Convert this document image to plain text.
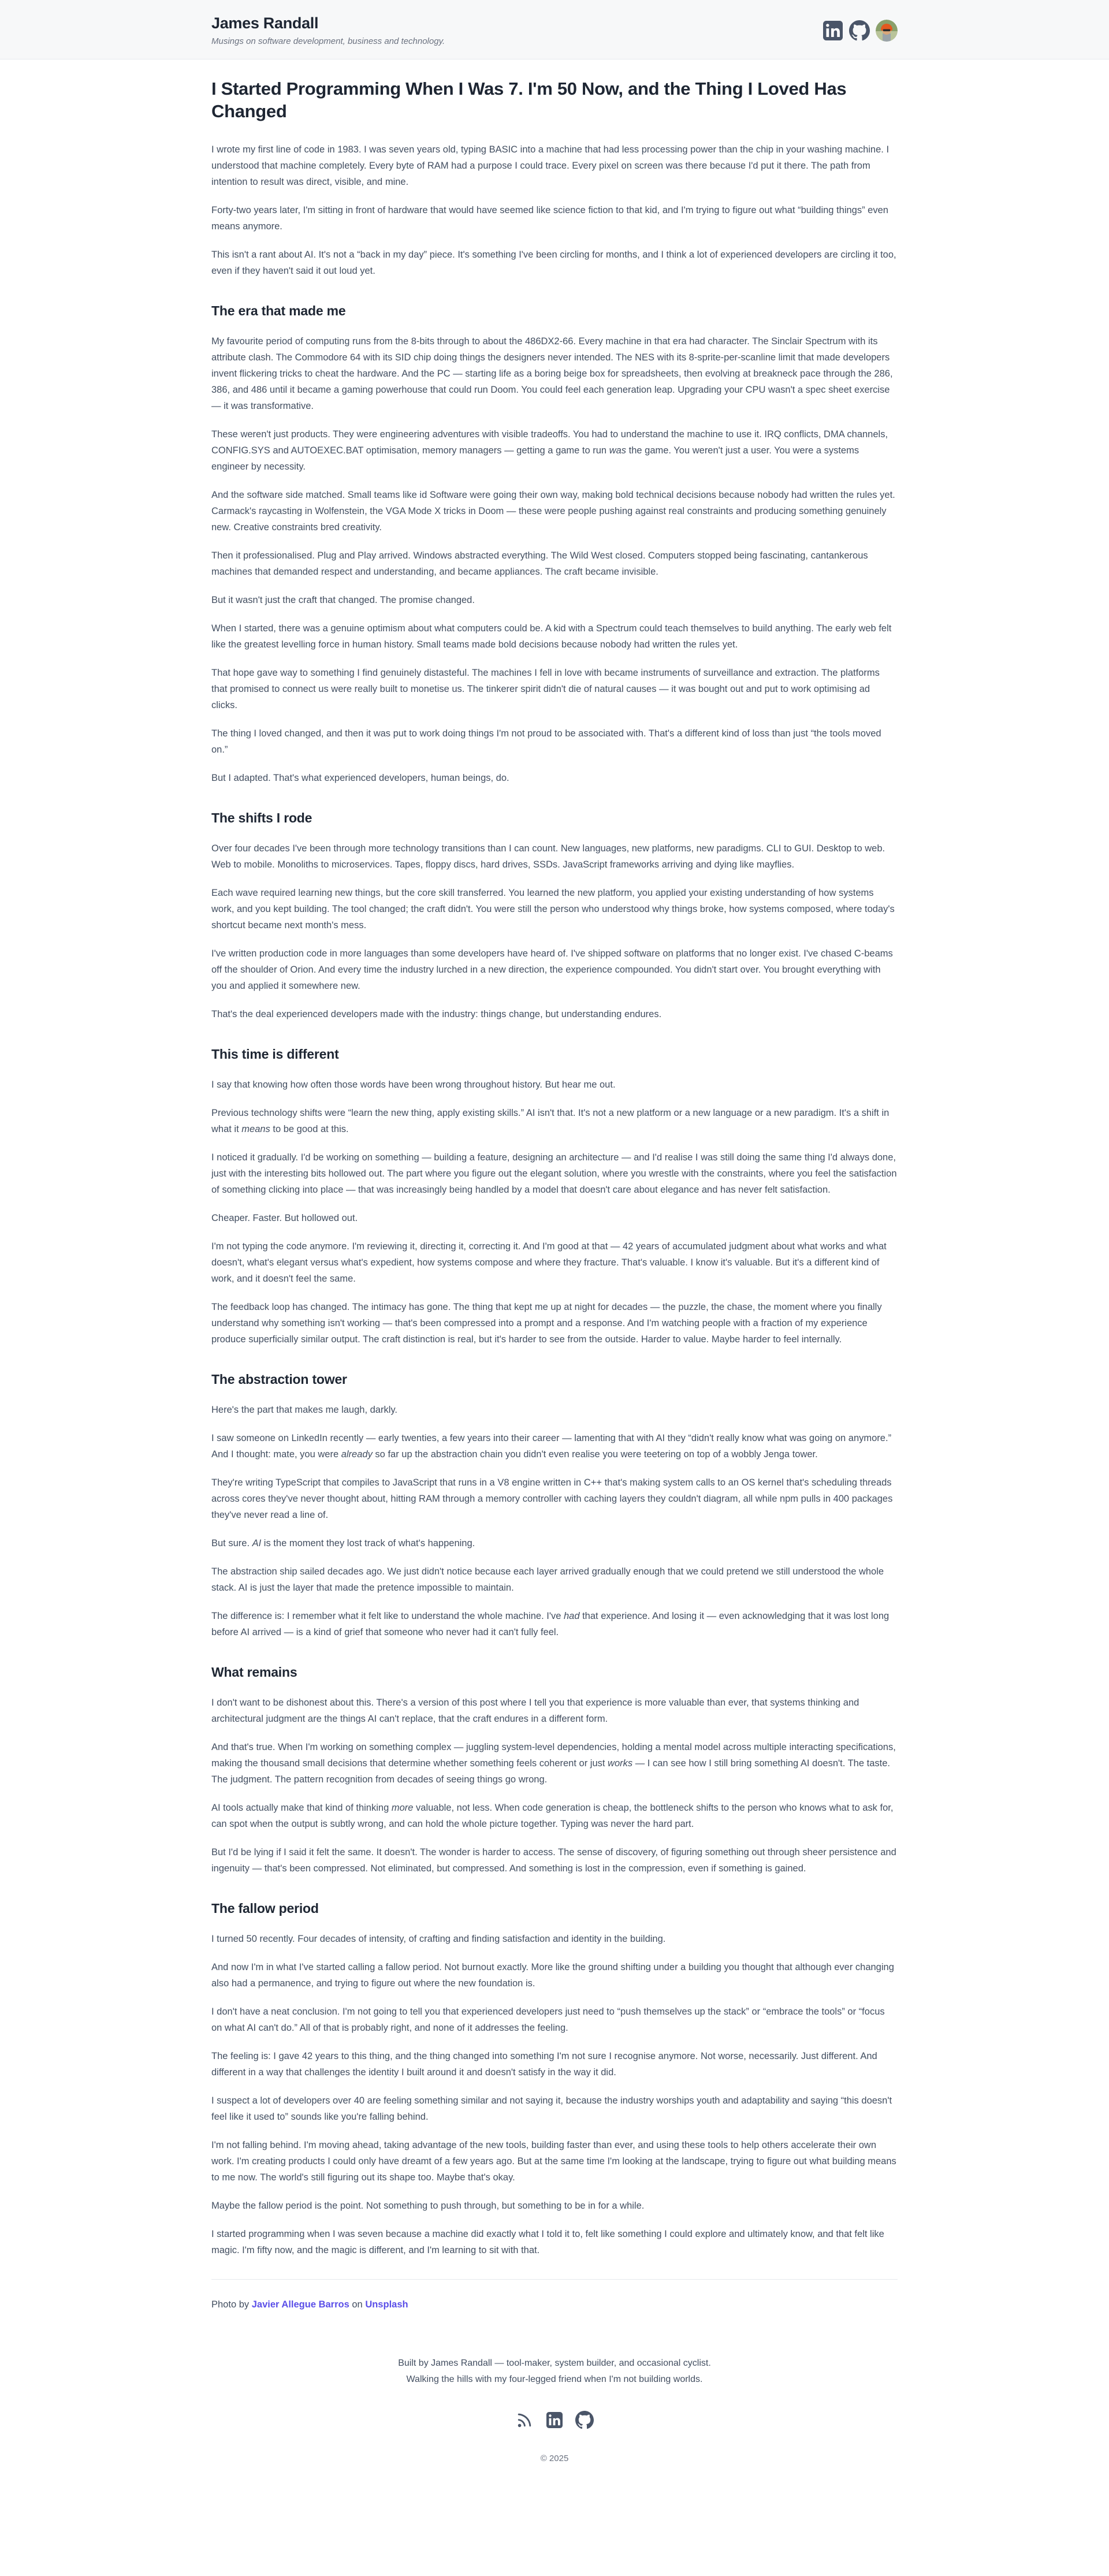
James Randall

Musings on software development, business and technology.

I Started Programming When I Was 7. I'm 50 Now, and the Thing I Loved Has Changed

I wrote my first line of code in 1983. I was seven years old, typing BASIC into a machine that had less processing power than the chip in your washing machine. I understood that machine completely. Every byte of RAM had a purpose I could trace. Every pixel on screen was there because I'd put it there. The path from intention to result was direct, visible, and mine.

Forty-two years later, I'm sitting in front of hardware that would have seemed like science fiction to that kid, and I'm trying to figure out what “building things” even means anymore.

This isn't a rant about AI. It's not a “back in my day” piece. It's something I've been circling for months, and I think a lot of experienced developers are circling it too, even if they haven't said it out loud yet.

The era that made me

My favourite period of computing runs from the 8-bits through to about the 486DX2-66. Every machine in that era had character. The Sinclair Spectrum with its attribute clash. The Commodore 64 with its SID chip doing things the designers never intended. The NES with its 8-sprite-per-scanline limit that made developers invent flickering tricks to cheat the hardware. And the PC — starting life as a boring beige box for spreadsheets, then evolving at breakneck pace through the 286, 386, and 486 until it became a gaming powerhouse that could run Doom. You could feel each generation leap. Upgrading your CPU wasn't a spec sheet exercise — it was transformative.

These weren't just products. They were engineering adventures with visible tradeoffs. You had to understand the machine to use it. IRQ conflicts, DMA channels, CONFIG.SYS and AUTOEXEC.BAT optimisation, memory managers — getting a game to run was the game. You weren't just a user. You were a systems engineer by necessity.

And the software side matched. Small teams like id Software were going their own way, making bold technical decisions because nobody had written the rules yet. Carmack's raycasting in Wolfenstein, the VGA Mode X tricks in Doom — these were people pushing against real constraints and producing something genuinely new. Creative constraints bred creativity.

Then it professionalised. Plug and Play arrived. Windows abstracted everything. The Wild West closed. Computers stopped being fascinating, cantankerous machines that demanded respect and understanding, and became appliances. The craft became invisible.

But it wasn't just the craft that changed. The promise changed.

When I started, there was a genuine optimism about what computers could be. A kid with a Spectrum could teach themselves to build anything. The early web felt like the greatest levelling force in human history. Small teams made bold decisions because nobody had written the rules yet.

That hope gave way to something I find genuinely distasteful. The machines I fell in love with became instruments of surveillance and extraction. The platforms that promised to connect us were really built to monetise us. The tinkerer spirit didn't die of natural causes — it was bought out and put to work optimising ad clicks.

The thing I loved changed, and then it was put to work doing things I'm not proud to be associated with. That's a different kind of loss than just “the tools moved on.”

But I adapted. That's what experienced developers, human beings, do.

The shifts I rode

Over four decades I've been through more technology transitions than I can count. New languages, new platforms, new paradigms. CLI to GUI. Desktop to web. Web to mobile. Monoliths to microservices. Tapes, floppy discs, hard drives, SSDs. JavaScript frameworks arriving and dying like mayflies.

Each wave required learning new things, but the core skill transferred. You learned the new platform, you applied your existing understanding of how systems work, and you kept building. The tool changed; the craft didn't. You were still the person who understood why things broke, how systems composed, where today's shortcut became next month's mess.

I've written production code in more languages than some developers have heard of. I've shipped software on platforms that no longer exist. I've chased C-beams off the shoulder of Orion. And every time the industry lurched in a new direction, the experience compounded. You didn't start over. You brought everything with you and applied it somewhere new.

That's the deal experienced developers made with the industry: things change, but understanding endures.

This time is different

I say that knowing how often those words have been wrong throughout history. But hear me out.

Previous technology shifts were “learn the new thing, apply existing skills.” AI isn't that. It's not a new platform or a new language or a new paradigm. It's a shift in what it means to be good at this.

I noticed it gradually. I'd be working on something — building a feature, designing an architecture — and I'd realise I was still doing the same thing I'd always done, just with the interesting bits hollowed out. The part where you figure out the elegant solution, where you wrestle with the constraints, where you feel the satisfaction of something clicking into place — that was increasingly being handled by a model that doesn't care about elegance and has never felt satisfaction.

Cheaper. Faster. But hollowed out.

I'm not typing the code anymore. I'm reviewing it, directing it, correcting it. And I'm good at that — 42 years of accumulated judgment about what works and what doesn't, what's elegant versus what's expedient, how systems compose and where they fracture. That's valuable. I know it's valuable. But it's a different kind of work, and it doesn't feel the same.

The feedback loop has changed. The intimacy has gone. The thing that kept me up at night for decades — the puzzle, the chase, the moment where you finally understand why something isn't working — that's been compressed into a prompt and a response. And I'm watching people with a fraction of my experience produce superficially similar output. The craft distinction is real, but it's harder to see from the outside. Harder to value. Maybe harder to feel internally.

The abstraction tower

Here's the part that makes me laugh, darkly.

I saw someone on LinkedIn recently — early twenties, a few years into their career — lamenting that with AI they “didn't really know what was going on anymore.” And I thought: mate, you were already so far up the abstraction chain you didn't even realise you were teetering on top of a wobbly Jenga tower.

They're writing TypeScript that compiles to JavaScript that runs in a V8 engine written in C++ that's making system calls to an OS kernel that's scheduling threads across cores they've never thought about, hitting RAM through a memory controller with caching layers they couldn't diagram, all while npm pulls in 400 packages they've never read a line of.

But sure. AI is the moment they lost track of what's happening.

The abstraction ship sailed decades ago. We just didn't notice because each layer arrived gradually enough that we could pretend we still understood the whole stack. AI is just the layer that made the pretence impossible to maintain.

The difference is: I remember what it felt like to understand the whole machine. I've had that experience. And losing it — even acknowledging that it was lost long before AI arrived — is a kind of grief that someone who never had it can't fully feel.

What remains

I don't want to be dishonest about this. There's a version of this post where I tell you that experience is more valuable than ever, that systems thinking and architectural judgment are the things AI can't replace, that the craft endures in a different form.

And that's true. When I'm working on something complex — juggling system-level dependencies, holding a mental model across multiple interacting specifications, making the thousand small decisions that determine whether something feels coherent or just works — I can see how I still bring something AI doesn't. The taste. The judgment. The pattern recognition from decades of seeing things go wrong.

AI tools actually make that kind of thinking more valuable, not less. When code generation is cheap, the bottleneck shifts to the person who knows what to ask for, can spot when the output is subtly wrong, and can hold the whole picture together. Typing was never the hard part.

But I'd be lying if I said it felt the same. It doesn't. The wonder is harder to access. The sense of discovery, of figuring something out through sheer persistence and ingenuity — that's been compressed. Not eliminated, but compressed. And something is lost in the compression, even if something is gained.

The fallow period

I turned 50 recently. Four decades of intensity, of crafting and finding satisfaction and identity in the building.

And now I'm in what I've started calling a fallow period. Not burnout exactly. More like the ground shifting under a building you thought that although ever changing also had a permanence, and trying to figure out where the new foundation is.

I don't have a neat conclusion. I'm not going to tell you that experienced developers just need to “push themselves up the stack” or “embrace the tools” or “focus on what AI can't do.” All of that is probably right, and none of it addresses the feeling.

The feeling is: I gave 42 years to this thing, and the thing changed into something I'm not sure I recognise anymore. Not worse, necessarily. Just different. And different in a way that challenges the identity I built around it and doesn't satisfy in the way it did.

I suspect a lot of developers over 40 are feeling something similar and not saying it, because the industry worships youth and adaptability and saying “this doesn't feel like it used to” sounds like you're falling behind.

I'm not falling behind. I'm moving ahead, taking advantage of the new tools, building faster than ever, and using these tools to help others accelerate their own work. I'm creating products I could only have dreamt of a few years ago. But at the same time I'm looking at the landscape, trying to figure out what building means to me now. The world's still figuring out its shape too. Maybe that's okay.

Maybe the fallow period is the point. Not something to push through, but something to be in for a while.

I started programming when I was seven because a machine did exactly what I told it to, felt like something I could explore and ultimately know, and that felt like magic. I'm fifty now, and the magic is different, and I'm learning to sit with that.

Photo by Javier Allegue Barros on Unsplash

Built by James Randall — tool-maker, system builder, and occasional cyclist.

Walking the hills with my four-legged friend when I'm not building worlds.

© 2025
